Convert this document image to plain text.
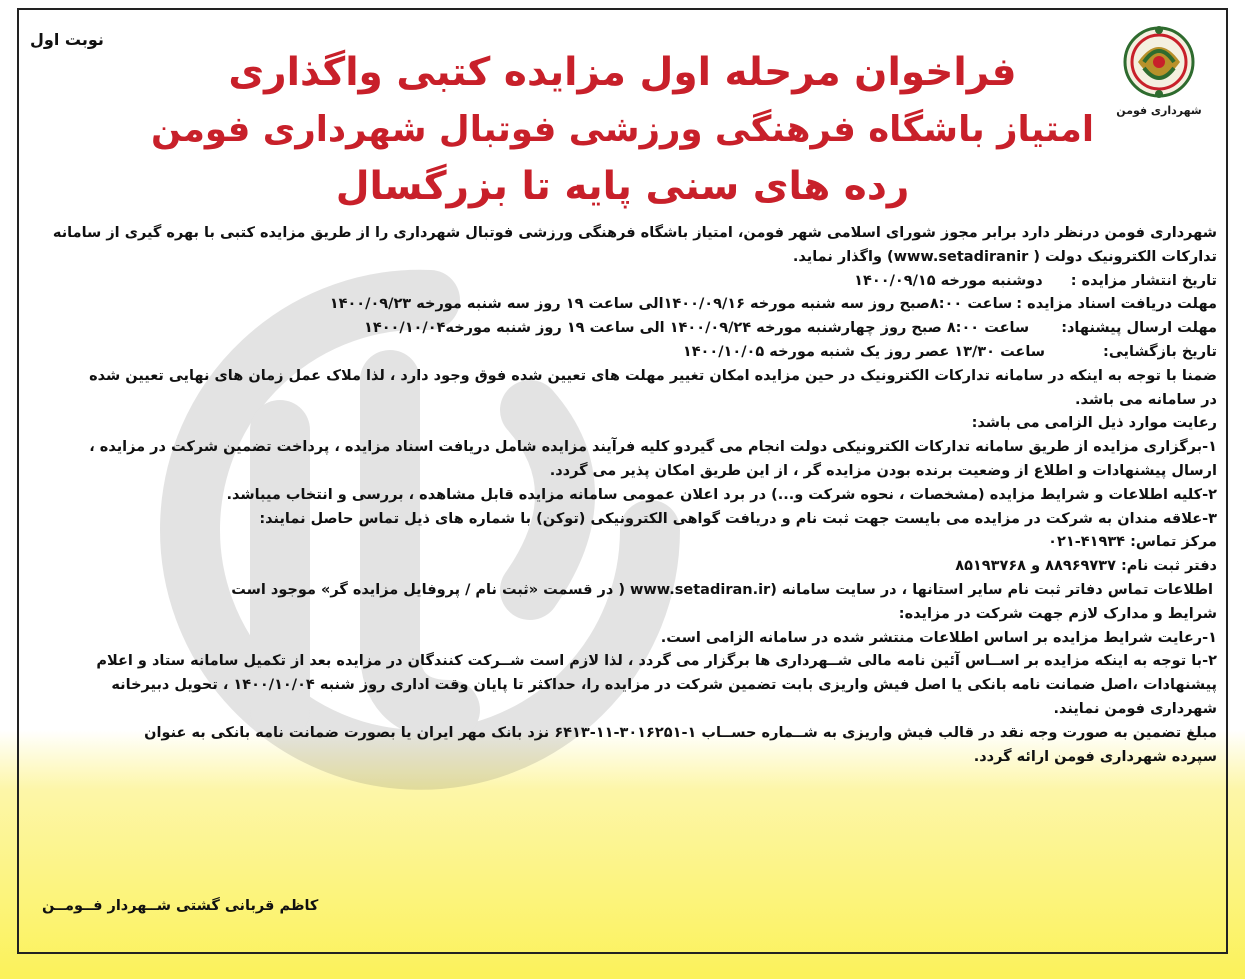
شهرداری فومن
نوبت اول
فراخوان مرحله اول مزایده کتبی واگذاری
امتیاز باشگاه فرهنگی ورزشی فوتبال شهرداری فومن
رده های سنی پایه تا بزرگسال

شهرداری فومن درنظر دارد برابر مجوز شورای اسلامی شهر فومن، امتیاز باشگاه فرهنگی ورزشی فوتبال شهرداری را از طریق مزایده کتبی با بهره گیری از سامانه

تدارکات الکترونیک دولت ( www.setadiranir) واگذار نمايد.

تاریخ انتشار مزایده :
دوشنبه مورخه ۱۴۰۰/۰۹/۱۵
مهلت دریافت اسناد مزایده :
ساعت ۸:۰۰صبح روز سه شنبه مورخه ۱۴۰۰/۰۹/۱۶الی ساعت ۱۹ روز سه شنبه مورخه ۱۴۰۰/۰۹/۲۳
مهلت ارسال پیشنهاد:
ساعت ۸:۰۰ صبح روز چهارشنبه مورخه ۱۴۰۰/۰۹/۲۴ الی ساعت ۱۹ روز شنبه مورخه۱۴۰۰/۱۰/۰۴
تاریخ بازگشایی:
ساعت ۱۳/۳۰ عصر روز یک شنبه مورخه ۱۴۰۰/۱۰/۰۵

ضمنا با توجه به اینکه در سامانه تدارکات الکترونیک در حین مزایده امکان تغییر مهلت های تعیین شده فوق وجود دارد ، لذا ملاک عمل زمان های نهایی تعیین شده

در سامانه می باشد.

رعایت موارد ذیل الزامی می باشد:

۱-برگزاری مزایده از طریق سامانه تدارکات الکترونیکی دولت انجام می گیردو کلیه فرآیند مزایده شامل دریافت اسناد مزایده ، پرداخت تضمین شرکت در مزایده ،

ارسال پیشنهادات و اطلاع از وضعیت برنده بودن مزایده گر ، از این طریق امکان پذیر می گردد.

۲-کلیه اطلاعات و شرایط مزایده (مشخصات ، نحوه شرکت و...) در برد اعلان عمومی سامانه مزایده قابل مشاهده ، بررسی و انتخاب میباشد.

۳-علاقه مندان به شرکت در مزایده می بایست جهت ثبت نام و دریافت گواهی الکترونیکی (توکن) با شماره های ذیل تماس حاصل نمایند:

مرکز تماس: ۴۱۹۳۴-۰۲۱

دفتر ثبت نام: ۸۸۹۶۹۷۳۷ و ۸۵۱۹۳۷۶۸

اطلاعات تماس دفاتر ثبت نام سایر استانها ، در سایت سامانه (www.setadiran.ir ( در قسمت «ثبت نام / پروفایل مزایده گر» موجود است

شرایط و مدارک لازم جهت شرکت در مزایده:

۱-رعایت شرایط مزایده بر اساس اطلاعات منتشر شده در سامانه الزامی است.

۲-با توجه به اینکه مزایده بر اســاس آئین نامه مالی شــهرداری ها برگزار می گردد ، لذا لازم است شــرکت کنندگان در مزایده بعد از تکمیل سامانه ستاد و اعلام

پیشنهادات ،اصل ضمانت نامه بانکی یا اصل فیش واریزی بابت تضمین شرکت در مزایده را، حداکثر تا پایان وقت اداری روز شنبه ۱۴۰۰/۱۰/۰۴ ، تحویل دبیرخانه

شهرداری فومن نمایند.

مبلغ تضمین به صورت وجه نقد در قالب فیش واریزی به شــماره حســاب ۱-۳۰۱۶۲۵۱-۱۱-۶۴۱۳ نزد بانک مهر ایران یا بصورت ضمانت نامه بانکی به عنوان

سپرده شهرداری فومن ارائه گردد.

کاظم قربانی گشتی شــهردار فــومــن
